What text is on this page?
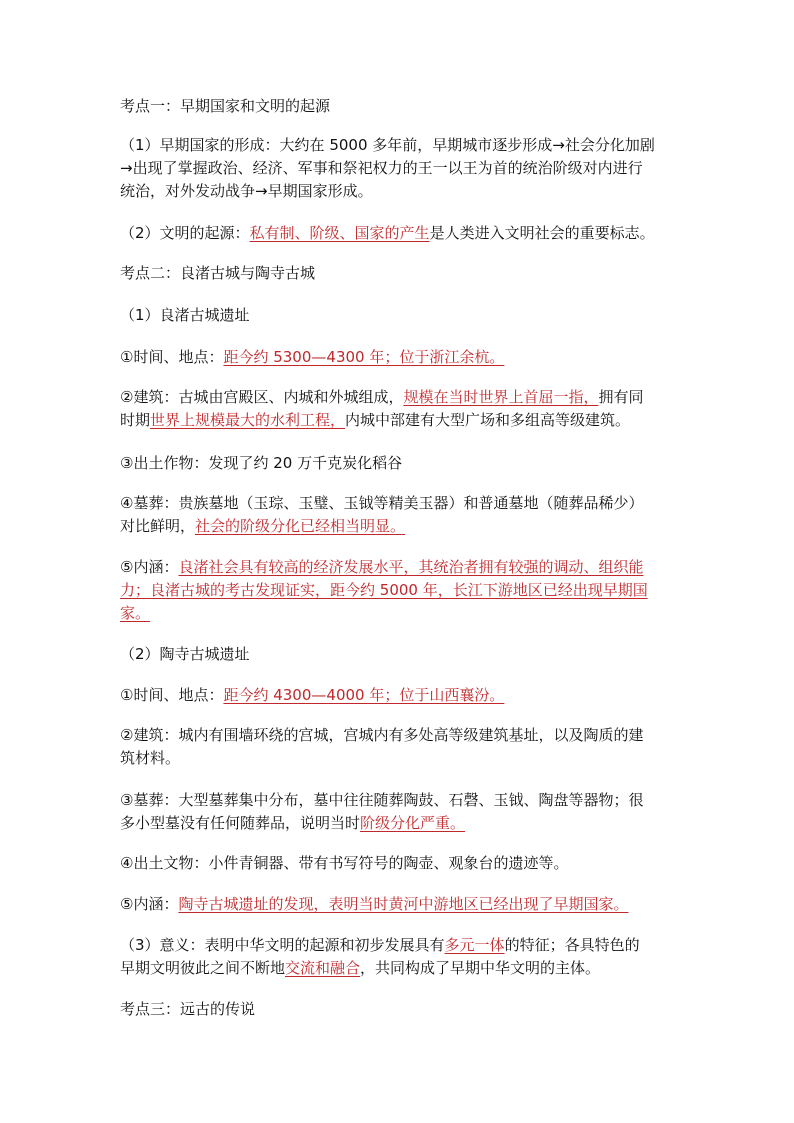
考点一：早期国家和文明的起源

（1）早期国家的形成：大约在 5000 多年前，早期城市逐步形成→社会分化加剧

→出现了掌握政治、经济、军事和祭祀权力的王一以王为首的统治阶级对内进行

统治，对外发动战争→早期国家形成。

（2）文明的起源：私有制、阶级、国家的产生是人类进入文明社会的重要标志。

考点二：良渚古城与陶寺古城

（1）良渚古城遗址

①时间、地点：距今约 5300—4300 年；位于浙江余杭。

②建筑：古城由宫殿区、内城和外城组成，规模在当时世界上首屈一指，拥有同

时期世界上规模最大的水利工程，内城中部建有大型广场和多组高等级建筑。

③出土作物：发现了约 20 万千克炭化稻谷

④墓葬：贵族墓地（玉琮、玉璧、玉钺等精美玉器）和普通墓地（随葬品稀少）

对比鲜明，社会的阶级分化已经相当明显。

⑤内涵：良渚社会具有较高的经济发展水平，其统治者拥有较强的调动、组织能

力；良渚古城的考古发现证实，距今约 5000 年，长江下游地区已经出现早期国

家。

（2）陶寺古城遗址

①时间、地点：距今约 4300—4000 年；位于山西襄汾。

②建筑：城内有围墙环绕的宫城，宫城内有多处高等级建筑基址，以及陶质的建

筑材料。

③墓葬：大型墓葬集中分布，墓中往往随葬陶鼓、石磬、玉钺、陶盘等器物；很

多小型墓没有任何随葬品，说明当时阶级分化严重。

④出土文物：小件青铜器、带有书写符号的陶壶、观象台的遗迹等。

⑤内涵：陶寺古城遗址的发现，表明当时黄河中游地区已经出现了早期国家。

（3）意义：表明中华文明的起源和初步发展具有多元一体的特征；各具特色的

早期文明彼此之间不断地交流和融合，共同构成了早期中华文明的主体。

考点三：远古的传说
